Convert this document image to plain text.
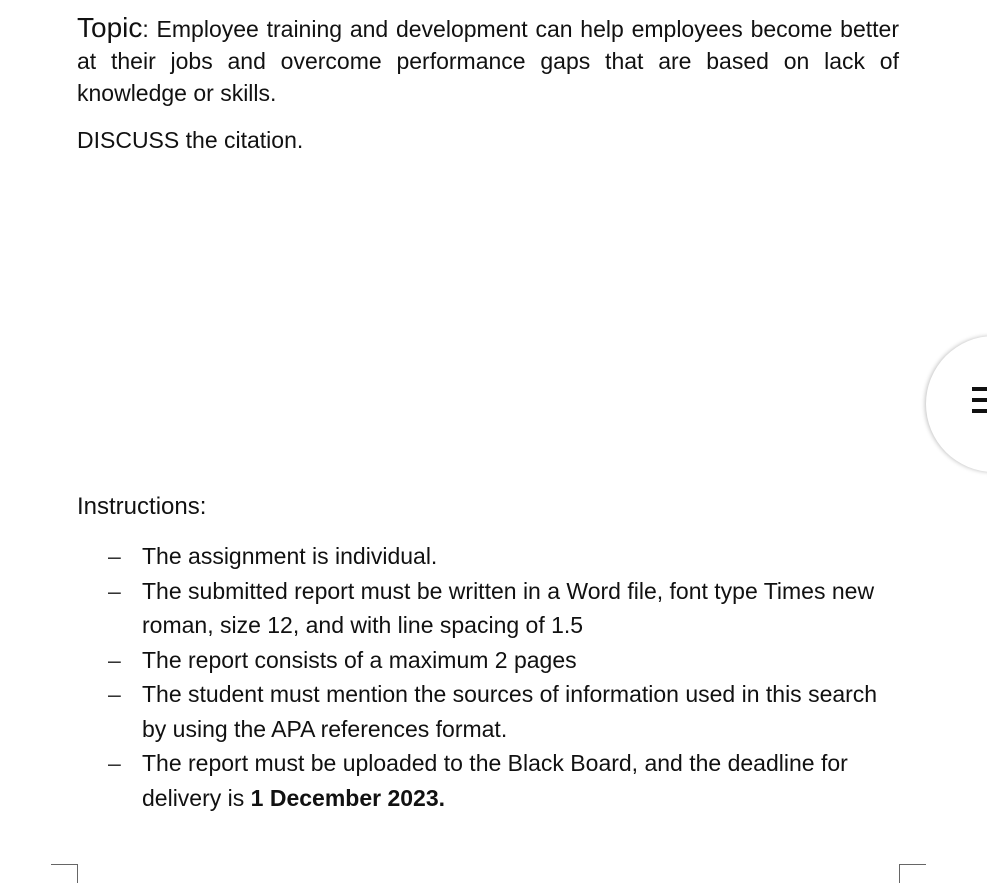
Topic: Employee training and development can help employees become better at their jobs and overcome performance gaps that are based on lack of knowledge or skills.

DISCUSS the citation.

Instructions:

– The assignment is individual.
– The submitted report must be written in a Word file, font type Times new roman, size 12, and with line spacing of 1.5
– The report consists of a maximum 2 pages
– The student must mention the sources of information used in this search by using the APA references format.
– The report must be uploaded to the Black Board, and the deadline for delivery is 1 December 2023.
